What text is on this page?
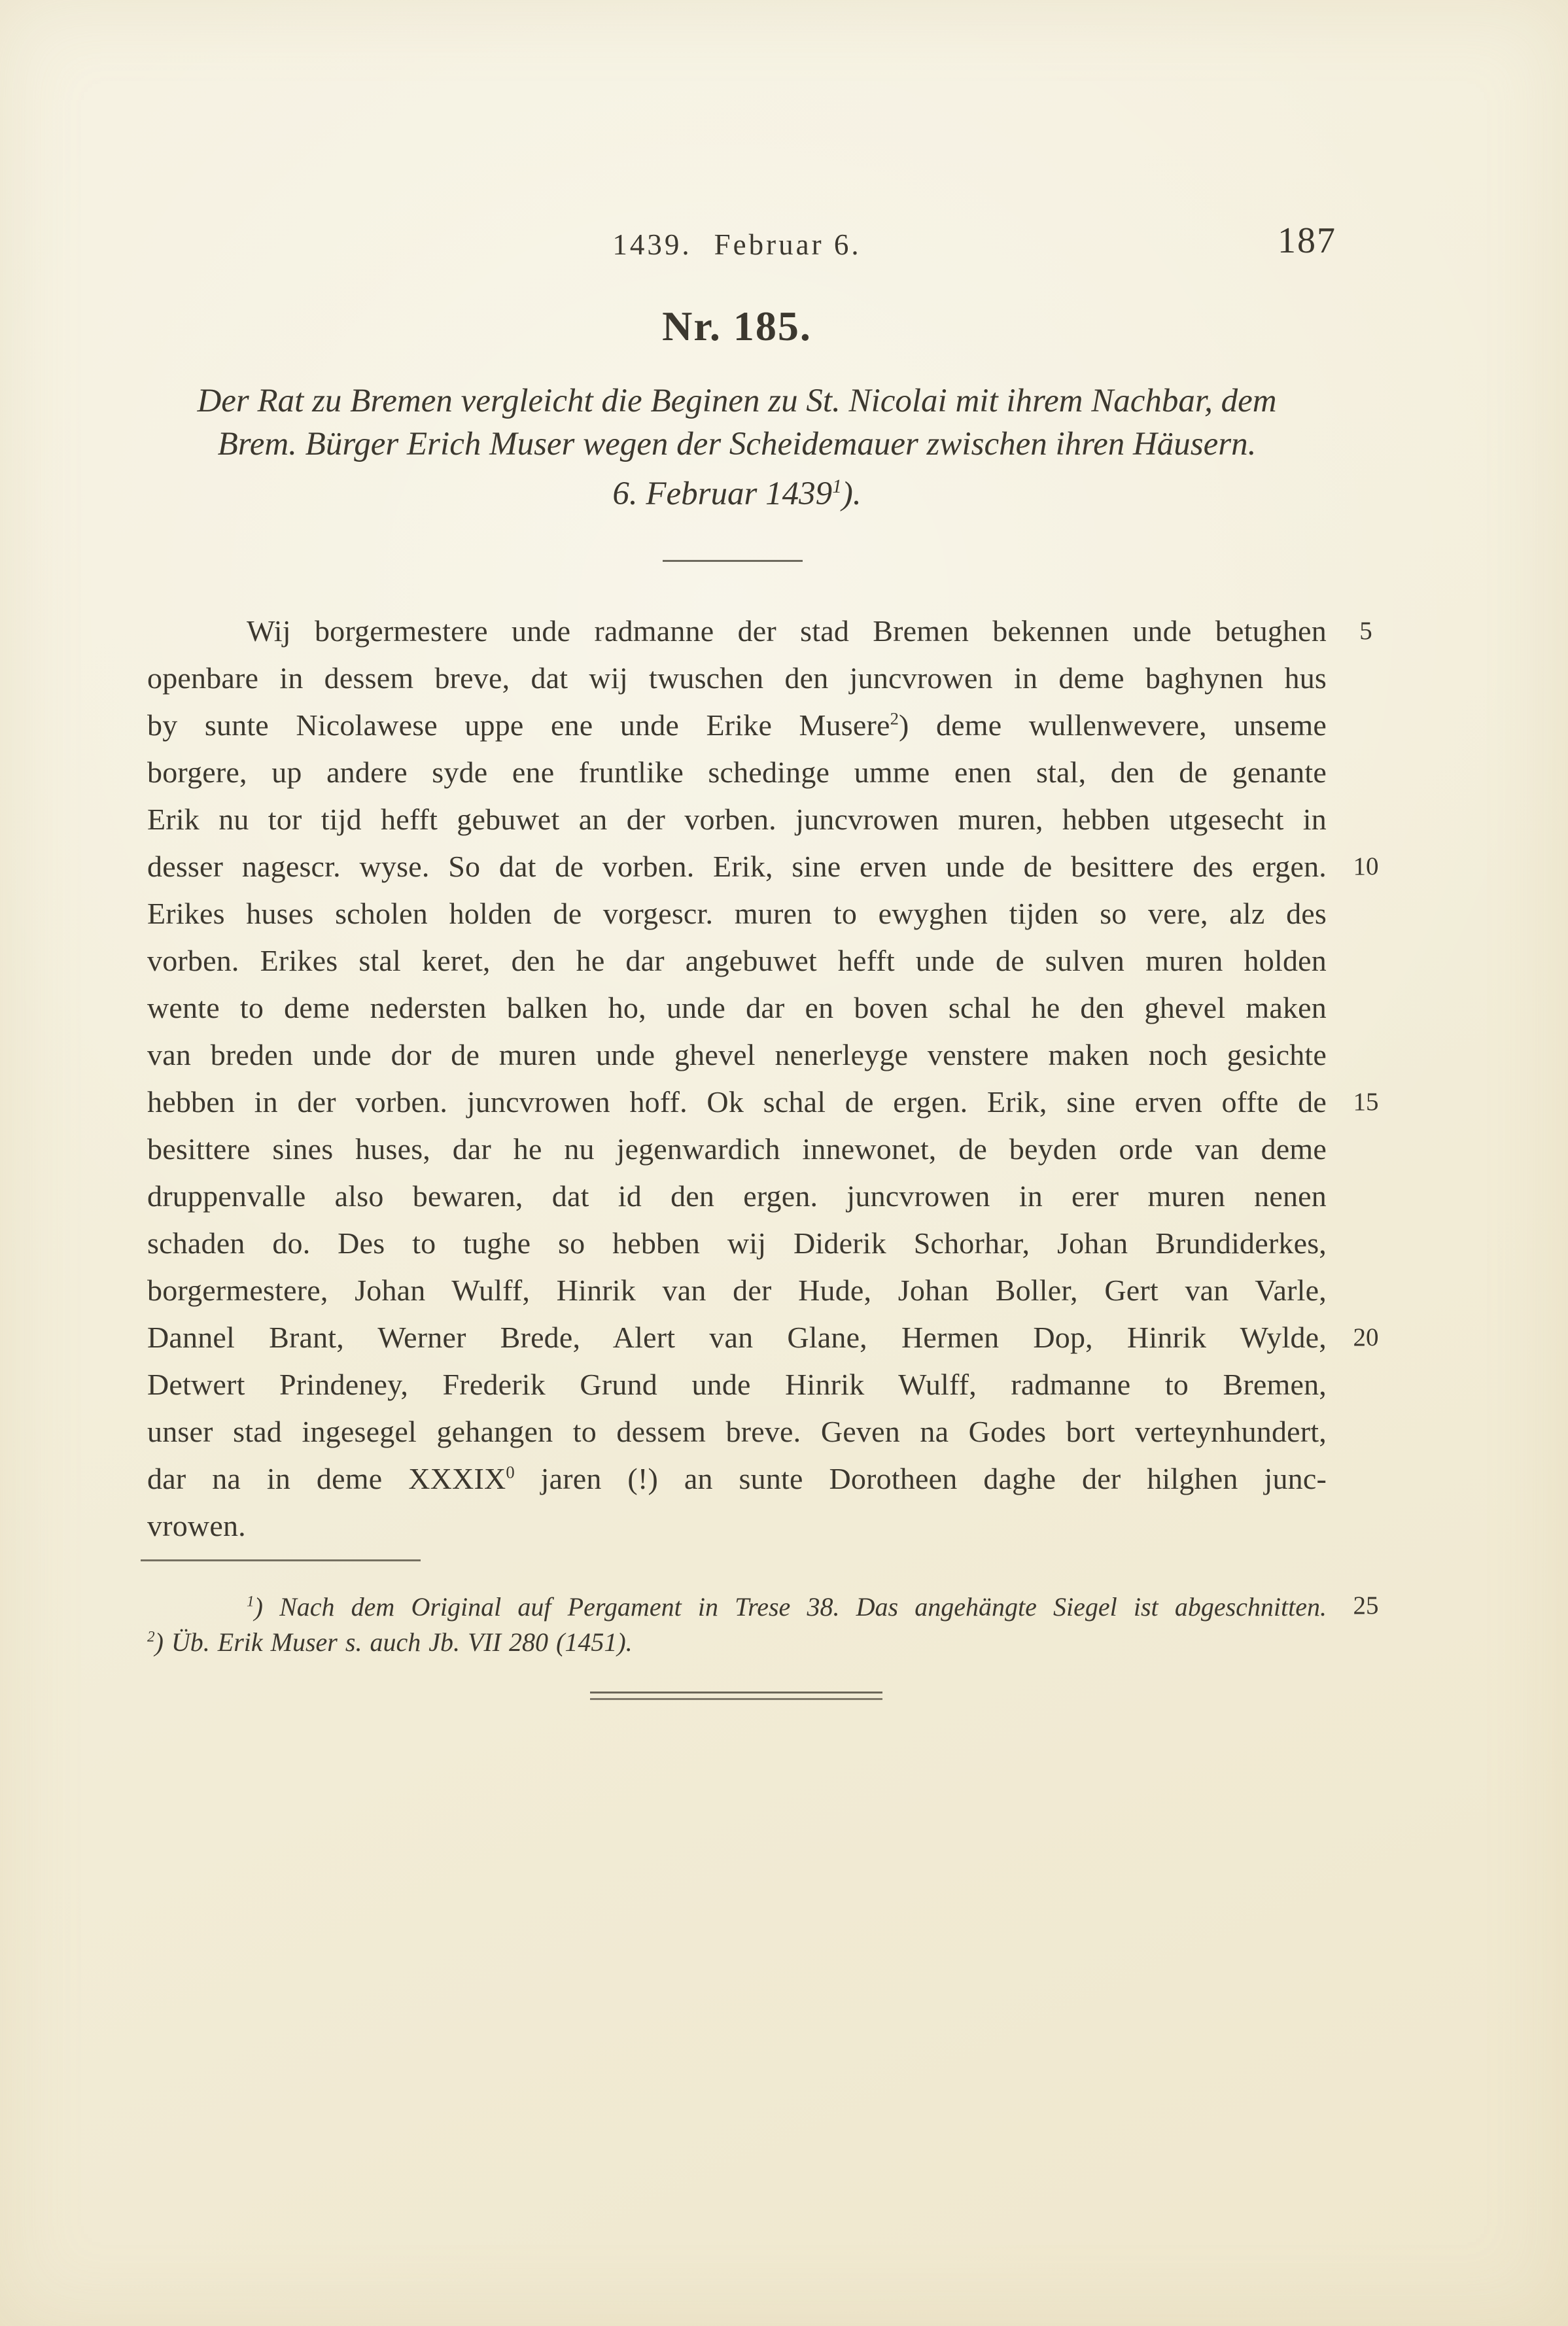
1439. Februar 6.	187
Nr. 185.
Der Rat zu Bremen vergleicht die Beginen zu St. Nicolai mit ihrem Nachbar, dem
Brem. Bürger Erich Muser wegen der Scheidemauer zwischen ihren Häusern.
6. Februar 1439$^1$).
Wij borgermestere unde radmanne der stad Bremen bekennen unde betughen
openbare in dessem breve, dat wij twuschen den juncvrowen in deme baghynen hus
by sunte Nicolawese uppe ene unde Erike Musere$^2$) deme wullenwevere, unseme
borgere, up andere syde ene fruntlike schedinge umme enen stal, den de genante
Erik nu tor tijd hefft gebuwet an der vorben. juncvrowen muren, hebben utgesecht in
desser nagescr. wyse. So dat de vorben. Erik, sine erven unde de besittere des ergen.
Erikes huses scholen holden de vorgescr. muren to ewyghen tijden so vere, alz des
vorben. Erikes stal keret, den he dar angebuwet hefft unde de sulven muren holden
wente to deme nedersten balken ho, unde dar en boven schal he den ghevel maken
van breden unde dor de muren unde ghevel nenerleyge venstere maken noch gesichte
hebben in der vorben. juncvrowen hoff. Ok schal de ergen. Erik, sine erven offte de
besittere sines huses, dar he nu jegenwardich innewonet, de beyden orde van deme
druppenvalle also bewaren, dat id den ergen. juncvrowen in erer muren nenen
schaden do. Des to tughe so hebben wij Diderik Schorhar, Johan Brundiderkes,
borgermestere, Johan Wulff, Hinrik van der Hude, Johan Boller, Gert van Varle,
Dannel Brant, Werner Brede, Alert van Glane, Hermen Dop, Hinrik Wylde,
Detwert Prindeney, Frederik Grund unde Hinrik Wulff, radmanne to Bremen,
unser stad ingesegel gehangen to dessem breve. Geven na Godes bort verteynhundert,
dar na in deme XXXIX$^0$ jaren (!) an sunte Dorotheen daghe der hilghen junc-
vrowen.
5
10
15
20
25
$^1$) Nach dem Original auf Pergament in Trese 38. Das angehängte Siegel ist abgeschnitten.
$^2$) Üb. Erik Muser s. auch Jb. VII 280 (1451).
